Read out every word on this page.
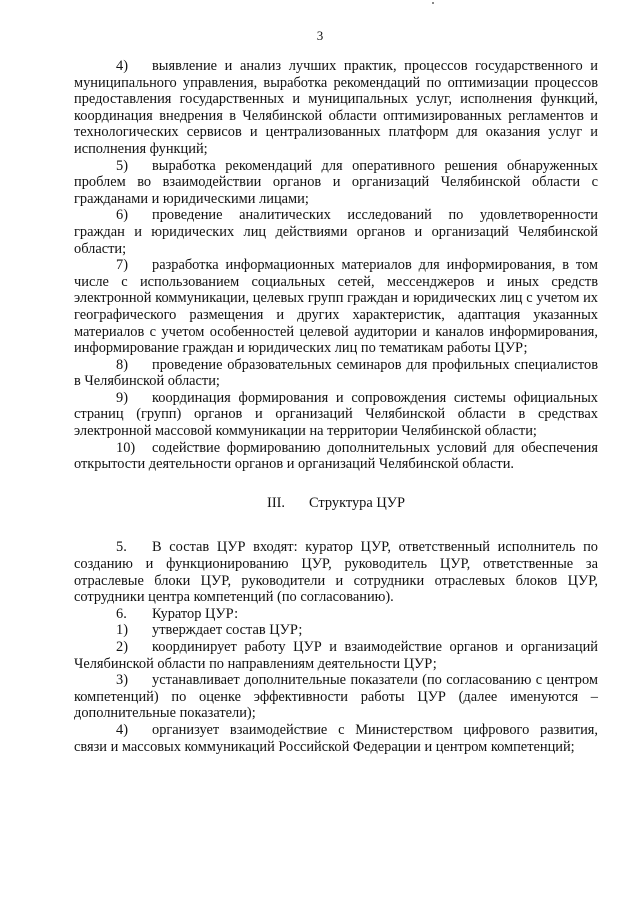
3

4) выявление и анализ лучших практик, процессов государственного и муниципального управления, выработка рекомендаций по оптимизации процессов предоставления государственных и муниципальных услуг, исполнения функций, координация внедрения в Челябинской области оптимизированных регламентов и технологических сервисов и централизованных платформ для оказания услуг и исполнения функций;

5) выработка рекомендаций для оперативного решения обнаруженных проблем во взаимодействии органов и организаций Челябинской области с гражданами и юридическими лицами;

6) проведение аналитических исследований по удовлетворенности граждан и юридических лиц действиями органов и организаций Челябинской области;

7) разработка информационных материалов для информирования, в том числе с использованием социальных сетей, мессенджеров и иных средств электронной коммуникации, целевых групп граждан и юридических лиц с учетом их географического размещения и других характеристик, адаптация указанных материалов с учетом особенностей целевой аудитории и каналов информирования, информирование граждан и юридических лиц по тематикам работы ЦУР;

8) проведение образовательных семинаров для профильных специалистов в Челябинской области;

9) координация формирования и сопровождения системы официальных страниц (групп) органов и организаций Челябинской области в средствах электронной массовой коммуникации на территории Челябинской области;

10) содействие формированию дополнительных условий для обеспечения открытости деятельности органов и организаций Челябинской области.

III. Структура ЦУР

5. В состав ЦУР входят: куратор ЦУР, ответственный исполнитель по созданию и функционированию ЦУР, руководитель ЦУР, ответственные за отраслевые блоки ЦУР, руководители и сотрудники отраслевых блоков ЦУР, сотрудники центра компетенций (по согласованию).

6. Куратор ЦУР:

1) утверждает состав ЦУР;

2) координирует работу ЦУР и взаимодействие органов и организаций Челябинской области по направлениям деятельности ЦУР;

3) устанавливает дополнительные показатели (по согласованию с центром компетенций) по оценке эффективности работы ЦУР (далее именуются – дополнительные показатели);

4) организует взаимодействие с Министерством цифрового развития, связи и массовых коммуникаций Российской Федерации и центром компетенций;
